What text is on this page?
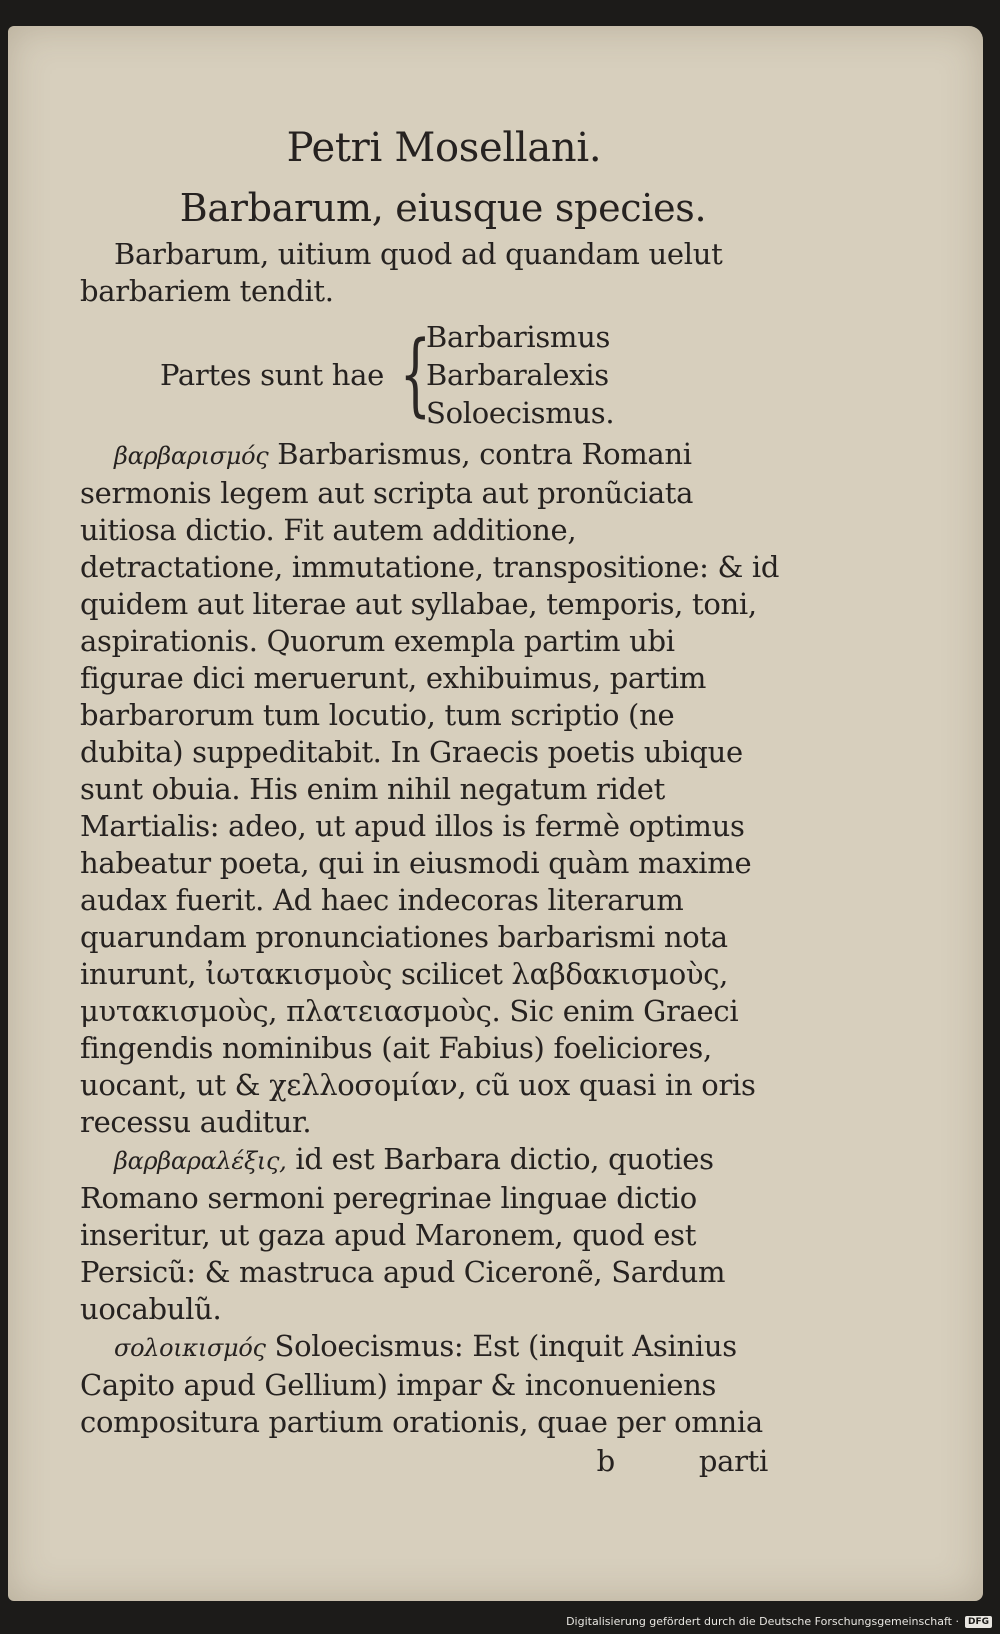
Petri Mosellani.
Barbarum, eiusque species.

Barbarum, uitium quod ad quandam uelut barbariem tendit.

Partes sunt hae {
Barbarismus
Barbaralexis
Soloecismus.

βαρβαρισμός Barbarismus, contra Romani sermonis legem aut scripta aut pronũciata uitiosa dictio. Fit autem additione, detractatione, immutatione, transpositione: & id quidem aut literae aut syllabae, temporis, toni, aspirationis. Quorum exempla partim ubi figurae dici meruerunt, exhibuimus, partim barbarorum tum locutio, tum scriptio (ne dubita) suppeditabit. In Graecis poetis ubique sunt obuia. His enim nihil negatum ridet Martialis: adeo, ut apud illos is fermè optimus habeatur poeta, qui in eiusmodi quàm maxime audax fuerit. Ad haec indecoras literarum quarundam pronunciationes barbarismi nota inurunt, ἰωτακισμοὺς scilicet λαβδακισμοὺς, μυτακισμοὺς, πλατειασμοὺς. Sic enim Graeci fingendis nominibus (ait Fabius) foeliciores, uocant, ut & χελλοσομίαν, cũ uox quasi in oris recessu auditur.

βαρβαραλέξις, id est Barbara dictio, quoties Romano sermoni peregrinae linguae dictio inseritur, ut gaza apud Maronem, quod est Persicũ: & mastruca apud Ciceronẽ, Sardum uocabulũ.

σολοικισμός Soloecismus: Est (inquit Asinius Capito apud Gellium) impar & inconueniens compositura partium orationis, quae per omnia

b	parti
Digitalisierung gefördert durch die Deutsche Forschungsgemeinschaft ·	DFG
